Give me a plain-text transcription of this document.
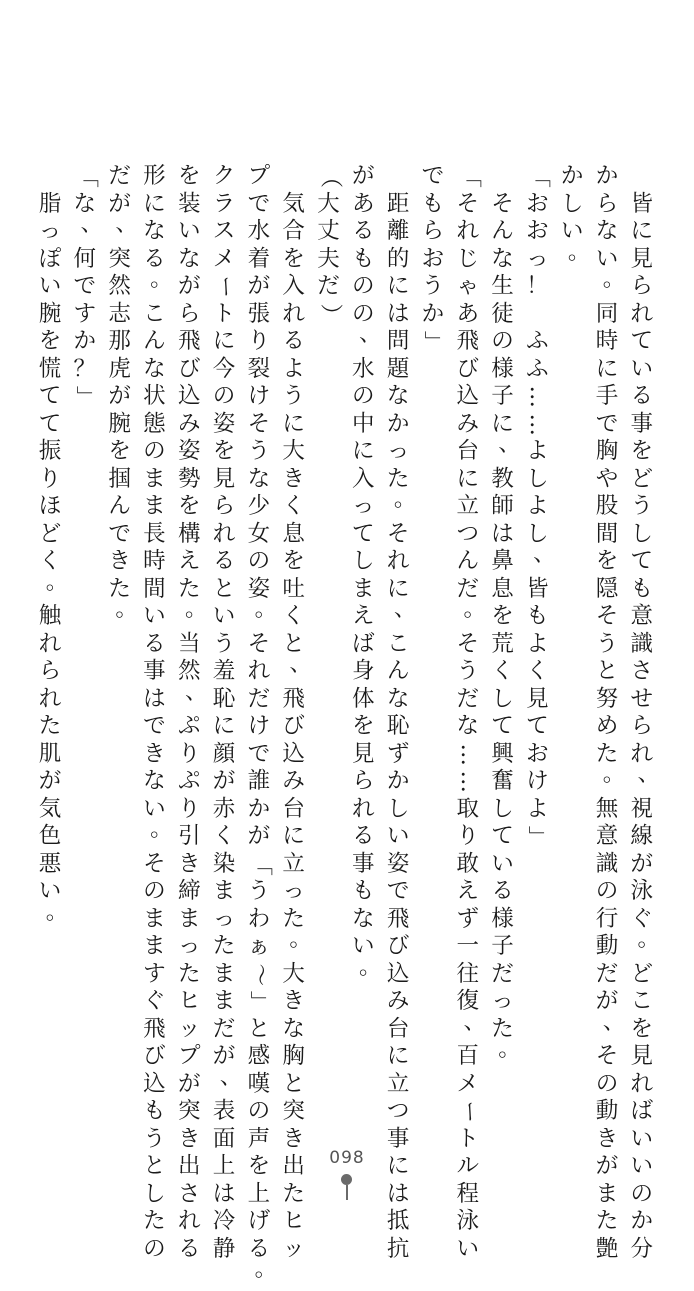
皆
に
見
ら
れ
て
い
る
事
を
ど
う
し
て
も
意
識
さ
せ
ら
れ
、
視
線
が
泳
ぐ
。
ど
こ
を
見
れ
ば
い
い
の
か
分
か
ら
な
い
。
同
時
に
手
で
胸
や
股
間
を
隠
そ
う
と
努
め
た
。
無
意
識
の
行
動
だ
が
、
そ
の
動
き
が
ま
た
艶
か
し
い
。
「
お
お
っ
！

ふ
ふ
…
…
よ
し
よ
し
、
皆
も
よ
く
見
て
お
け
よ
」
そ
ん
な
生
徒
の
様
子
に
、
教
師
は
鼻
息
を
荒
く
し
て
興
奮
し
て
い
る
様
子
だ
っ
た
。
「
そ
れ
じ
ゃ
あ
飛
び
込
み
台
に
立
つ
ん
だ
。
そ
う
だ
な
…
…
取
り
敢
え
ず
一
往
復
、
百
メ
ー
ト
ル
程
泳
い
で
も
ら
お
う
か
」
距
離
的
に
は
問
題
な
か
っ
た
。
そ
れ
に
、
こ
ん
な
恥
ず
か
し
い
姿
で
飛
び
込
み
台
に
立
つ
事
に
は
抵
抗
が
あ
る
も
の
の
、
水
の
中
に
入
っ
て
し
ま
え
ば
身
体
を
見
ら
れ
る
事
も
な
い
。
（
大
丈
夫
だ
）
気
合
を
入
れ
る
よ
う
に
大
き
く
息
を
吐
く
と
、
飛
び
込
み
台
に
立
っ
た
。
大
き
な
胸
と
突
き
出
た
ヒ
ッ
プ
で
水
着
が
張
り
裂
け
そ
う
な
少
女
の
姿
。
そ
れ
だ
け
で
誰
か
が
「
う
わ
ぁ
～
」
と
感
嘆
の
声
を
上
げ
る
。
ク
ラ
ス
メ
ー
ト
に
今
の
姿
を
見
ら
れ
る
と
い
う
羞
恥
に
顔
が
赤
く
染
ま
っ
た
ま
ま
だ
が
、
表
面
上
は
冷
静
を
装
い
な
が
ら
飛
び
込
み
姿
勢
を
構
え
た
。
当
然
、
ぷ
り
ぷ
り
引
き
締
ま
っ
た
ヒ
ッ
プ
が
突
き
出
さ
れ
る
形
に
な
る
。
こ
ん
な
状
態
の
ま
ま
長
時
間
い
る
事
は
で
き
な
い
。
そ
の
ま
ま
す
ぐ
飛
び
込
も
う
と
し
た
の
だ
が
、
突
然
志
那
虎
が
腕
を
掴
ん
で
き
た
。
「
な
、
何
で
す
か
？
」
脂
っ
ぽ
い
腕
を
慌
て
て
振
り
ほ
ど
く
。
触
れ
ら
れ
た
肌
が
気
色
悪
い
。
098
